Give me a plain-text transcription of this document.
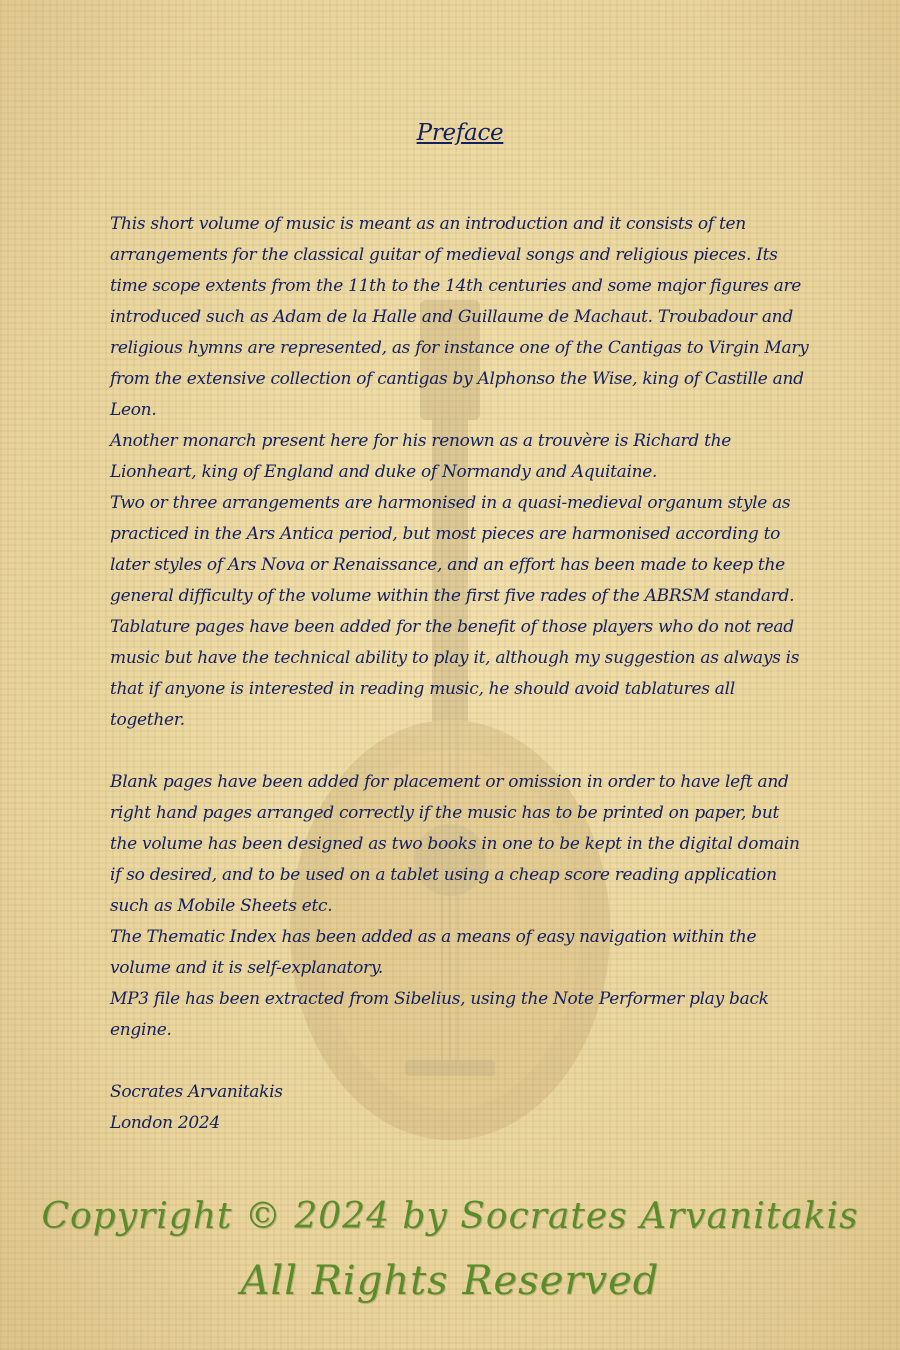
Preface

This short volume of music is meant as an introduction and it consists of ten arrangements for the classical guitar of medieval songs and religious pieces. Its time scope extents from the 11th to the 14th centuries and some major figures are introduced such as Adam de la Halle and Guillaume de Machaut. Troubadour and religious hymns are represented, as for instance one of the Cantigas to Virgin Mary from the extensive collection of cantigas by Alphonso the Wise, king of Castille and Leon.

Another monarch present here for his renown as a trouvère is Richard the Lionheart, king of England and duke of Normandy and Aquitaine.

Two or three arrangements are harmonised in a quasi-medieval organum style as practiced in the Ars Antica period, but most pieces are harmonised according to later styles of Ars Nova or Renaissance, and an effort has been made to keep the general difficulty of the volume within the first five rades of the ABRSM standard.

Tablature pages have been added for the benefit of those players who do not read music but have the technical ability to play it, although my suggestion as always is that if anyone is interested in reading music, he should avoid tablatures all together.

Blank pages have been added for placement or omission in order to have left and right hand pages arranged correctly if the music has to be printed on paper, but the volume has been designed as two books in one to be kept in the digital domain if so desired, and to be used on a tablet using a cheap score reading application such as Mobile Sheets etc.

The Thematic Index has been added as a means of easy navigation within the volume and it is self-explanatory.

MP3 file has been extracted from Sibelius, using the Note Performer play back engine.

Socrates Arvanitakis
London 2024
Copyright © 2024 by Socrates Arvanitakis
All Rights Reserved
